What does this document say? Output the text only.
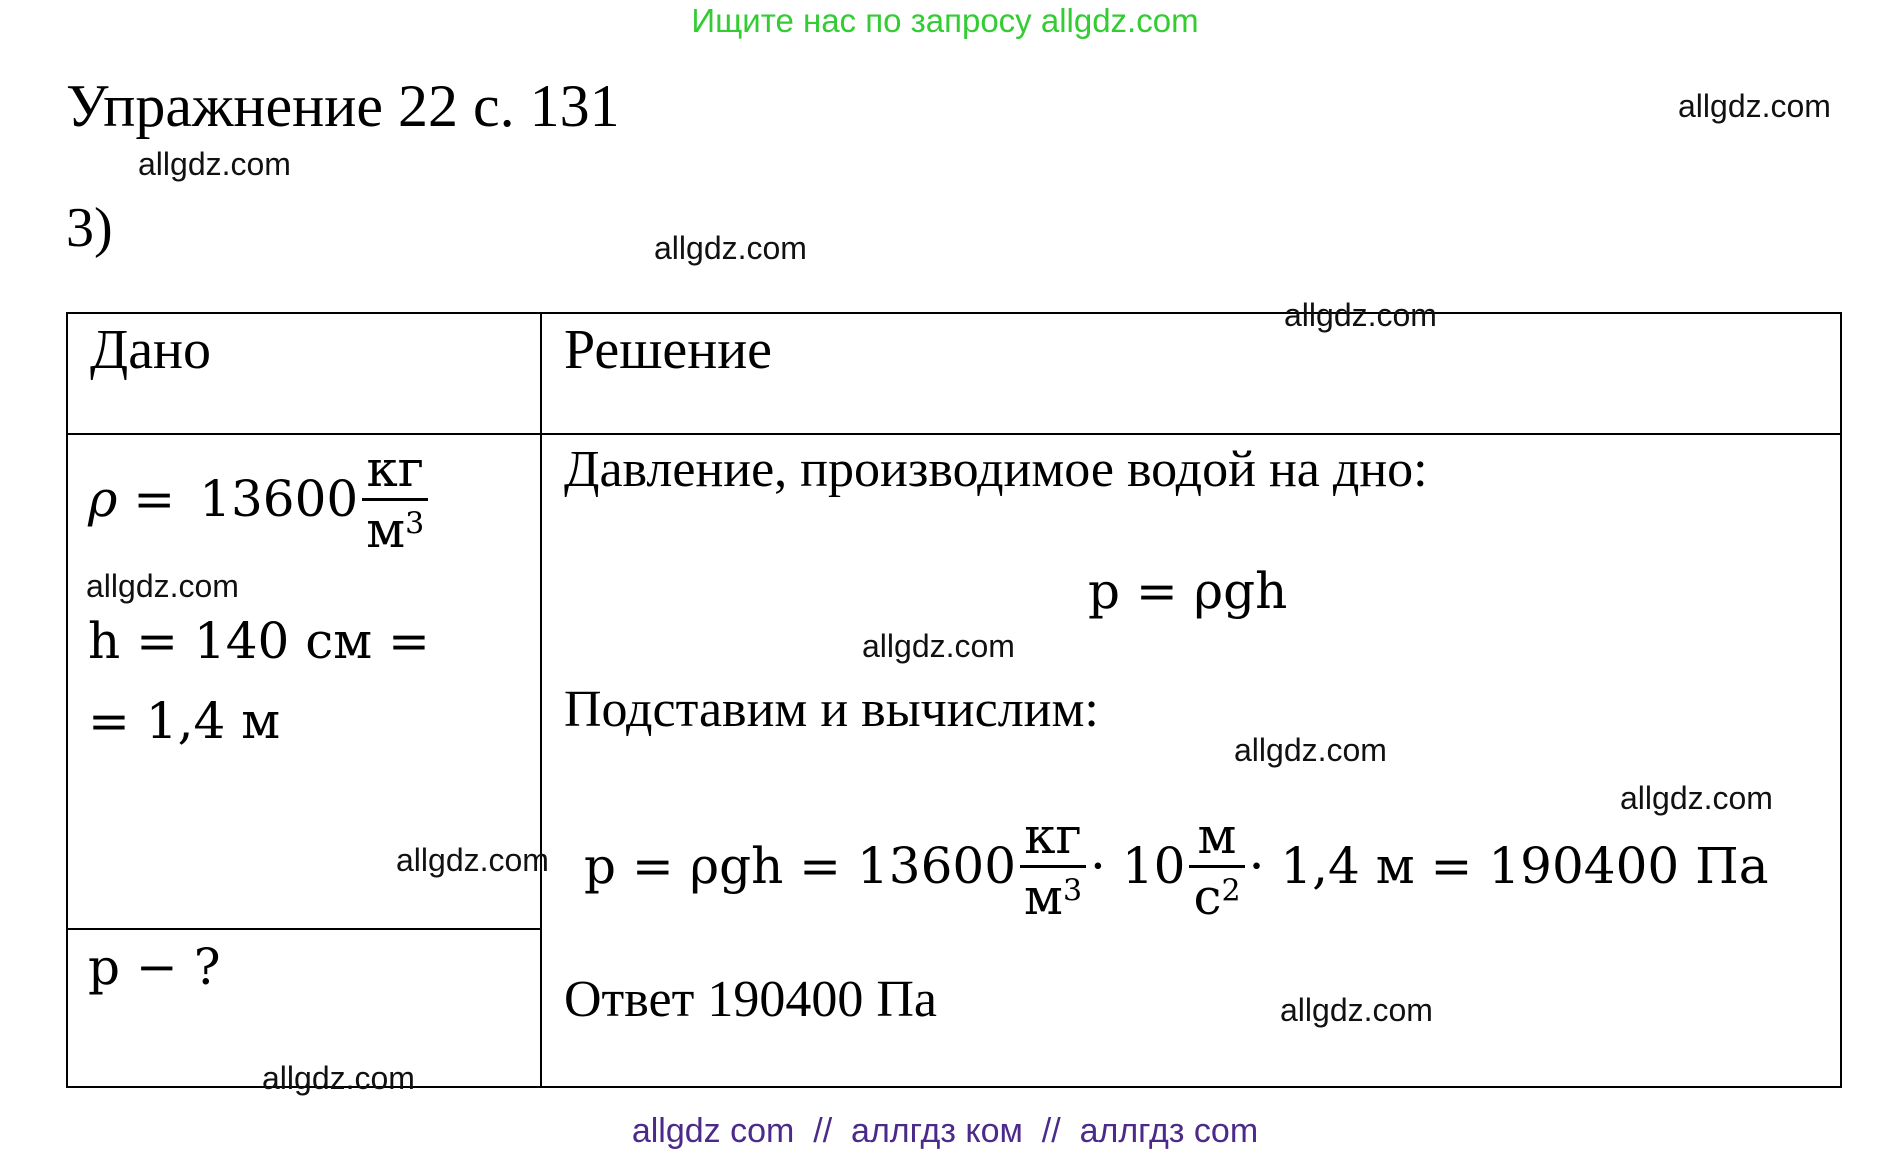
Ищите нас по запросу allgdz.com
Упражнение 22 с. 131	allgdz.com
allgdz.com
allgdz.com
3)
Дано	Решение
$\rho = 13600 \frac{кг}{м^3}$
h = 140 см =
= 1,4 м
p − ?
Давление, производимое водой на дно:
p = ρgh
Подставим и вычислим:
$p = \rho gh = 13600 \frac{кг}{м^3} \cdot 10 \frac{м}{с^2} \cdot 1,4$ м = 190400 Па
Ответ 190400 Па
allgdz.com
allgdz.com
allgdz.com
allgdz.com
allgdz.com
allgdz.com
allgdz.com
allgdz.com
allgdz com  //  аллгдз ком  //  аллгдз com
